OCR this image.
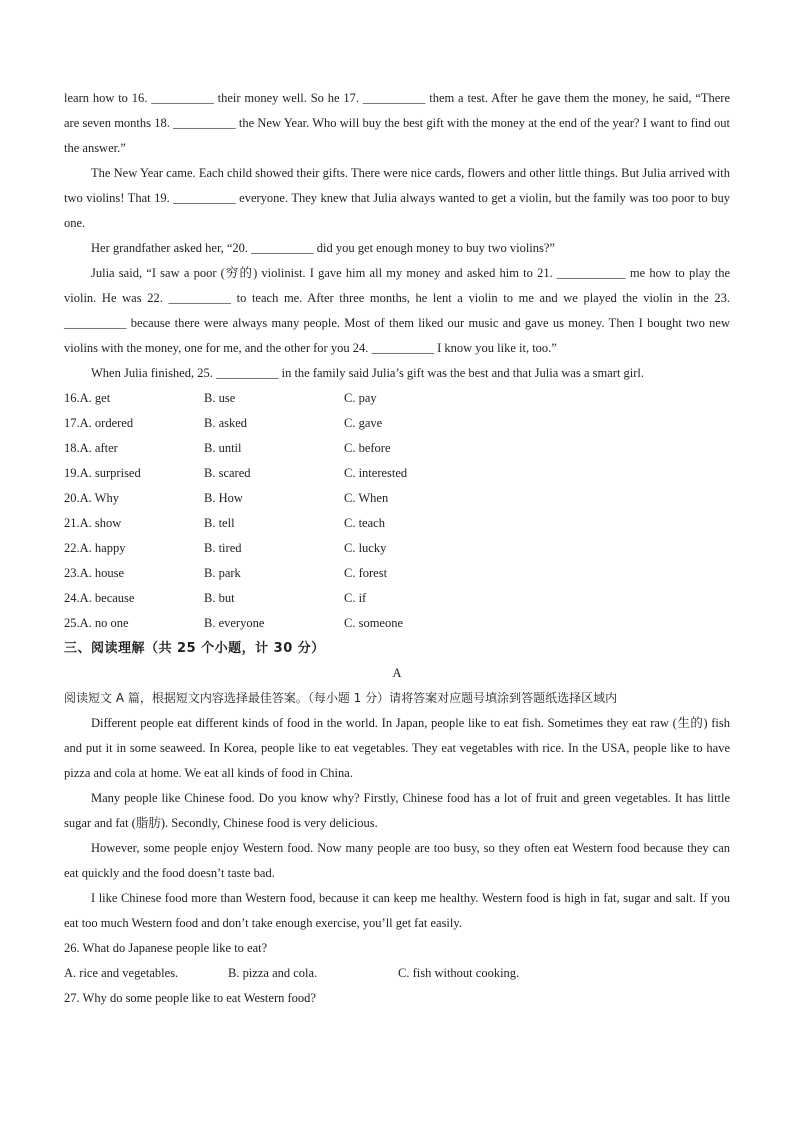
learn how to 16. __________ their money well. So he 17. __________ them a test. After he gave them the money, he said, “There are seven months 18. __________ the New Year. Who will buy the best gift with the money at the end of the year? I want to find out the answer.”

The New Year came. Each child showed their gifts. There were nice cards, flowers and other little things. But Julia arrived with two violins! That 19. __________ everyone. They knew that Julia always wanted to get a violin, but the family was too poor to buy one.

Her grandfather asked her, “20. __________ did you get enough money to buy two violins?”

Julia said, “I saw a poor (穷的) violinist. I gave him all my money and asked him to 21. ___________ me how to play the violin. He was 22. __________ to teach me. After three months, he lent a violin to me and we played the violin in the 23. __________ because there were always many people. Most of them liked our music and gave us money. Then I bought two new violins with the money, one for me, and the other for you 24. __________ I know you like it, too.”

When Julia finished, 25. __________ in the family said Julia’s gift was the best and that Julia was a smart girl.

16.A. get	B. use	C. pay
17.A. ordered	B. asked	C. gave
18.A. after	B. until	C. before
19.A. surprised	B. scared	C. interested
20.A. Why	B. How	C. When
21.A. show	B. tell	C. teach
22.A. happy	B. tired	C. lucky
23.A. house	B. park	C. forest
24.A. because	B. but	C. if
25.A. no one	B. everyone	C. someone

三、阅读理解（共 25 个小题，计 30 分）

A

阅读短文 A 篇，根据短文内容选择最佳答案。（每小题 1 分）请将答案对应题号填涂到答题纸选择区域内

Different people eat different kinds of food in the world. In Japan, people like to eat fish. Sometimes they eat raw (生的) fish and put it in some seaweed. In Korea, people like to eat vegetables. They eat vegetables with rice. In the USA, people like to have pizza and cola at home. We eat all kinds of food in China.

Many people like Chinese food. Do you know why? Firstly, Chinese food has a lot of fruit and green vegetables. It has little sugar and fat (脂肪). Secondly, Chinese food is very delicious.

However, some people enjoy Western food. Now many people are too busy, so they often eat Western food because they can eat quickly and the food doesn’t taste bad.

I like Chinese food more than Western food, because it can keep me healthy. Western food is high in fat, sugar and salt. If you eat too much Western food and don’t take enough exercise, you’ll get fat easily.

26. What do Japanese people like to eat?

A. rice and vegetables.	B. pizza and cola.	C. fish without cooking.

27. Why do some people like to eat Western food?
